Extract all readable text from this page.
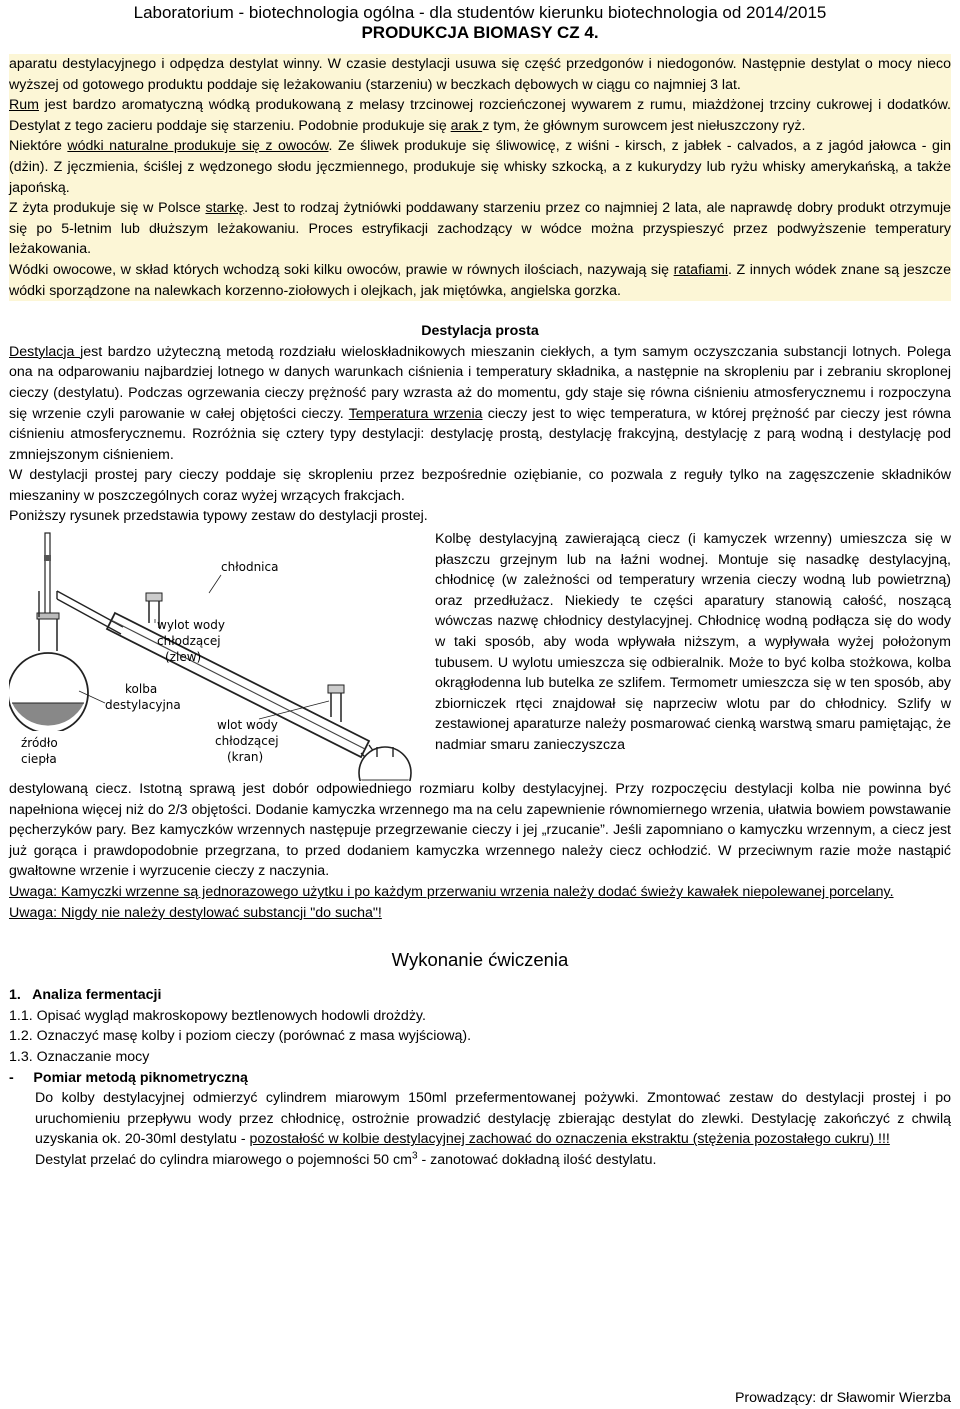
Laboratorium - biotechnologia ogólna - dla studentów kierunku biotechnologia od 2014/2015
PRODUKCJA BIOMASY CZ 4.

aparatu destylacyjnego i odpędza destylat winny. W czasie destylacji usuwa się część przedgonów i niedogonów. Następnie destylat o mocy nieco wyższej od gotowego produktu poddaje się leżakowaniu (starzeniu) w beczkach dębowych w ciągu co najmniej 3 lat.

Rum jest bardzo aromatyczną wódką produkowaną z melasy trzcinowej rozcieńczonej wywarem z rumu, miażdżonej trzciny cukrowej i dodatków. Destylat z tego zacieru poddaje się starzeniu. Podobnie produkuje się arak z tym, że głównym surowcem jest niełuszczony ryż.

Niektóre wódki naturalne produkuje się z owoców. Ze śliwek produkuje się śliwowicę, z wiśni - kirsch, z jabłek - calvados, a z jagód jałowca - gin (dżin). Z jęczmienia, ściślej z wędzonego słodu jęczmiennego, produkuje się whisky szkocką, a z kukurydzy lub ryżu whisky amerykańską, a także japońską.

Z żyta produkuje się w Polsce starkę. Jest to rodzaj żytniówki poddawany starzeniu przez co najmniej 2 lata, ale naprawdę dobry produkt otrzymuje się po 5-letnim lub dłuższym leżakowaniu. Proces estryfikacji zachodzący w wódce można przyspieszyć przez podwyższenie temperatury leżakowania.

Wódki owocowe, w skład których wchodzą soki kilku owoców, prawie w równych ilościach, nazywają się ratafiami. Z innych wódek znane są jeszcze wódki sporządzone na nalewkach korzenno-ziołowych i olejkach, jak miętówka, angielska gorzka.

Destylacja prosta

Destylacja jest bardzo użyteczną metodą rozdziału wieloskładnikowych mieszanin ciekłych, a tym samym oczyszczania substancji lotnych. Polega ona na odparowaniu najbardziej lotnego w danych warunkach ciśnienia i temperatury składnika, a następnie na skropleniu par i zebraniu skroplonej cieczy (destylatu). Podczas ogrzewania cieczy prężność pary wzrasta aż do momentu, gdy staje się równa ciśnieniu atmosferycznemu i rozpoczyna się wrzenie czyli parowanie w całej objętości cieczy. Temperatura wrzenia cieczy jest to więc temperatura, w której prężność par cieczy jest równa ciśnieniu atmosferycznemu. Rozróżnia się cztery typy destylacji: destylację prostą, destylację frakcyjną, destylację z parą wodną i destylację pod zmniejszonym ciśnieniem.

W destylacji prostej pary cieczy poddaje się skropleniu przez bezpośrednie oziębianie, co pozwala z reguły tylko na zagęszczenie składników mieszaniny w poszczególnych coraz wyżej wrzących frakcjach.

Poniższy rysunek przedstawia typowy zestaw do destylacji prostej.

chłodnica
wylot wody
chłodzącej
(zlew)
kolba
destylacyjna
źródło
ciepła
wlot wody
chłodzącej
(kran)
Kolbę destylacyjną zawierającą ciecz (i kamyczek wrzenny) umieszcza się w płaszczu grzejnym lub na łaźni wodnej. Montuje się nasadkę destylacyjną, chłodnicę (w zależności od temperatury wrzenia cieczy wodną lub powietrzną) oraz przedłużacz. Niekiedy te części aparatury stanowią całość, noszącą wówczas nazwę chłodnicy destylacyjnej. Chłodnicę wodną podłącza się do wody w taki sposób, aby woda wpływała niższym, a wypływała wyżej położonym tubusem. U wylotu umieszcza się odbieralnik. Może to być kolba stożkowa, kolba okrągłodenna lub butelka ze szlifem. Termometr umieszcza się w ten sposób, aby zbiorniczek rtęci znajdował się naprzeciw wlotu par do chłodnicy. Szlify w zestawionej aparaturze należy posmarować cienką warstwą smaru pamiętając, że nadmiar smaru zanieczyszcza

destylowaną ciecz. Istotną sprawą jest dobór odpowiedniego rozmiaru kolby destylacyjnej. Przy rozpoczęciu destylacji kolba nie powinna być napełniona więcej niż do 2/3 objętości. Dodanie kamyczka wrzennego ma na celu zapewnienie równomiernego wrzenia, ułatwia bowiem powstawanie pęcherzyków pary. Bez kamyczków wrzennych następuje przegrzewanie cieczy i jej „rzucanie”. Jeśli zapomniano o kamyczku wrzennym, a ciecz jest już gorąca i prawdopodobnie przegrzana, to przed dodaniem kamyczka wrzennego należy ciecz ochłodzić. W przeciwnym razie może nastąpić gwałtowne wrzenie i wyrzucenie cieczy z naczynia.

Uwaga: Kamyczki wrzenne są jednorazowego użytku i po każdym przerwaniu wrzenia należy dodać świeży kawałek niepolewanej porcelany.

Uwaga: Nigdy nie należy destylować substancji "do sucha"!

Wykonanie ćwiczenia

1.   Analiza fermentacji

1.1. Opisać wygląd makroskopowy beztlenowych hodowli drożdży.

1.2. Oznaczyć masę kolby i poziom cieczy (porównać z masa wyjściową).

1.3. Oznaczanie mocy

-     Pomiar metodą piknometryczną

Do kolby destylacyjnej odmierzyć cylindrem miarowym 150ml przefermentowanej pożywki. Zmontować zestaw do destylacji prostej i po uruchomieniu przepływu wody przez chłodnicę, ostrożnie prowadzić destylację zbierając destylat do zlewki. Destylację zakończyć z chwilą uzyskania ok. 20-30ml destylatu - pozostałość w kolbie destylacyjnej zachować do oznaczenia ekstraktu (stężenia pozostałego cukru) !!!

Destylat przelać do cylindra miarowego o pojemności 50 $cm^3$ - zanotować dokładną ilość destylatu.

Prowadzący: dr Sławomir Wierzba
